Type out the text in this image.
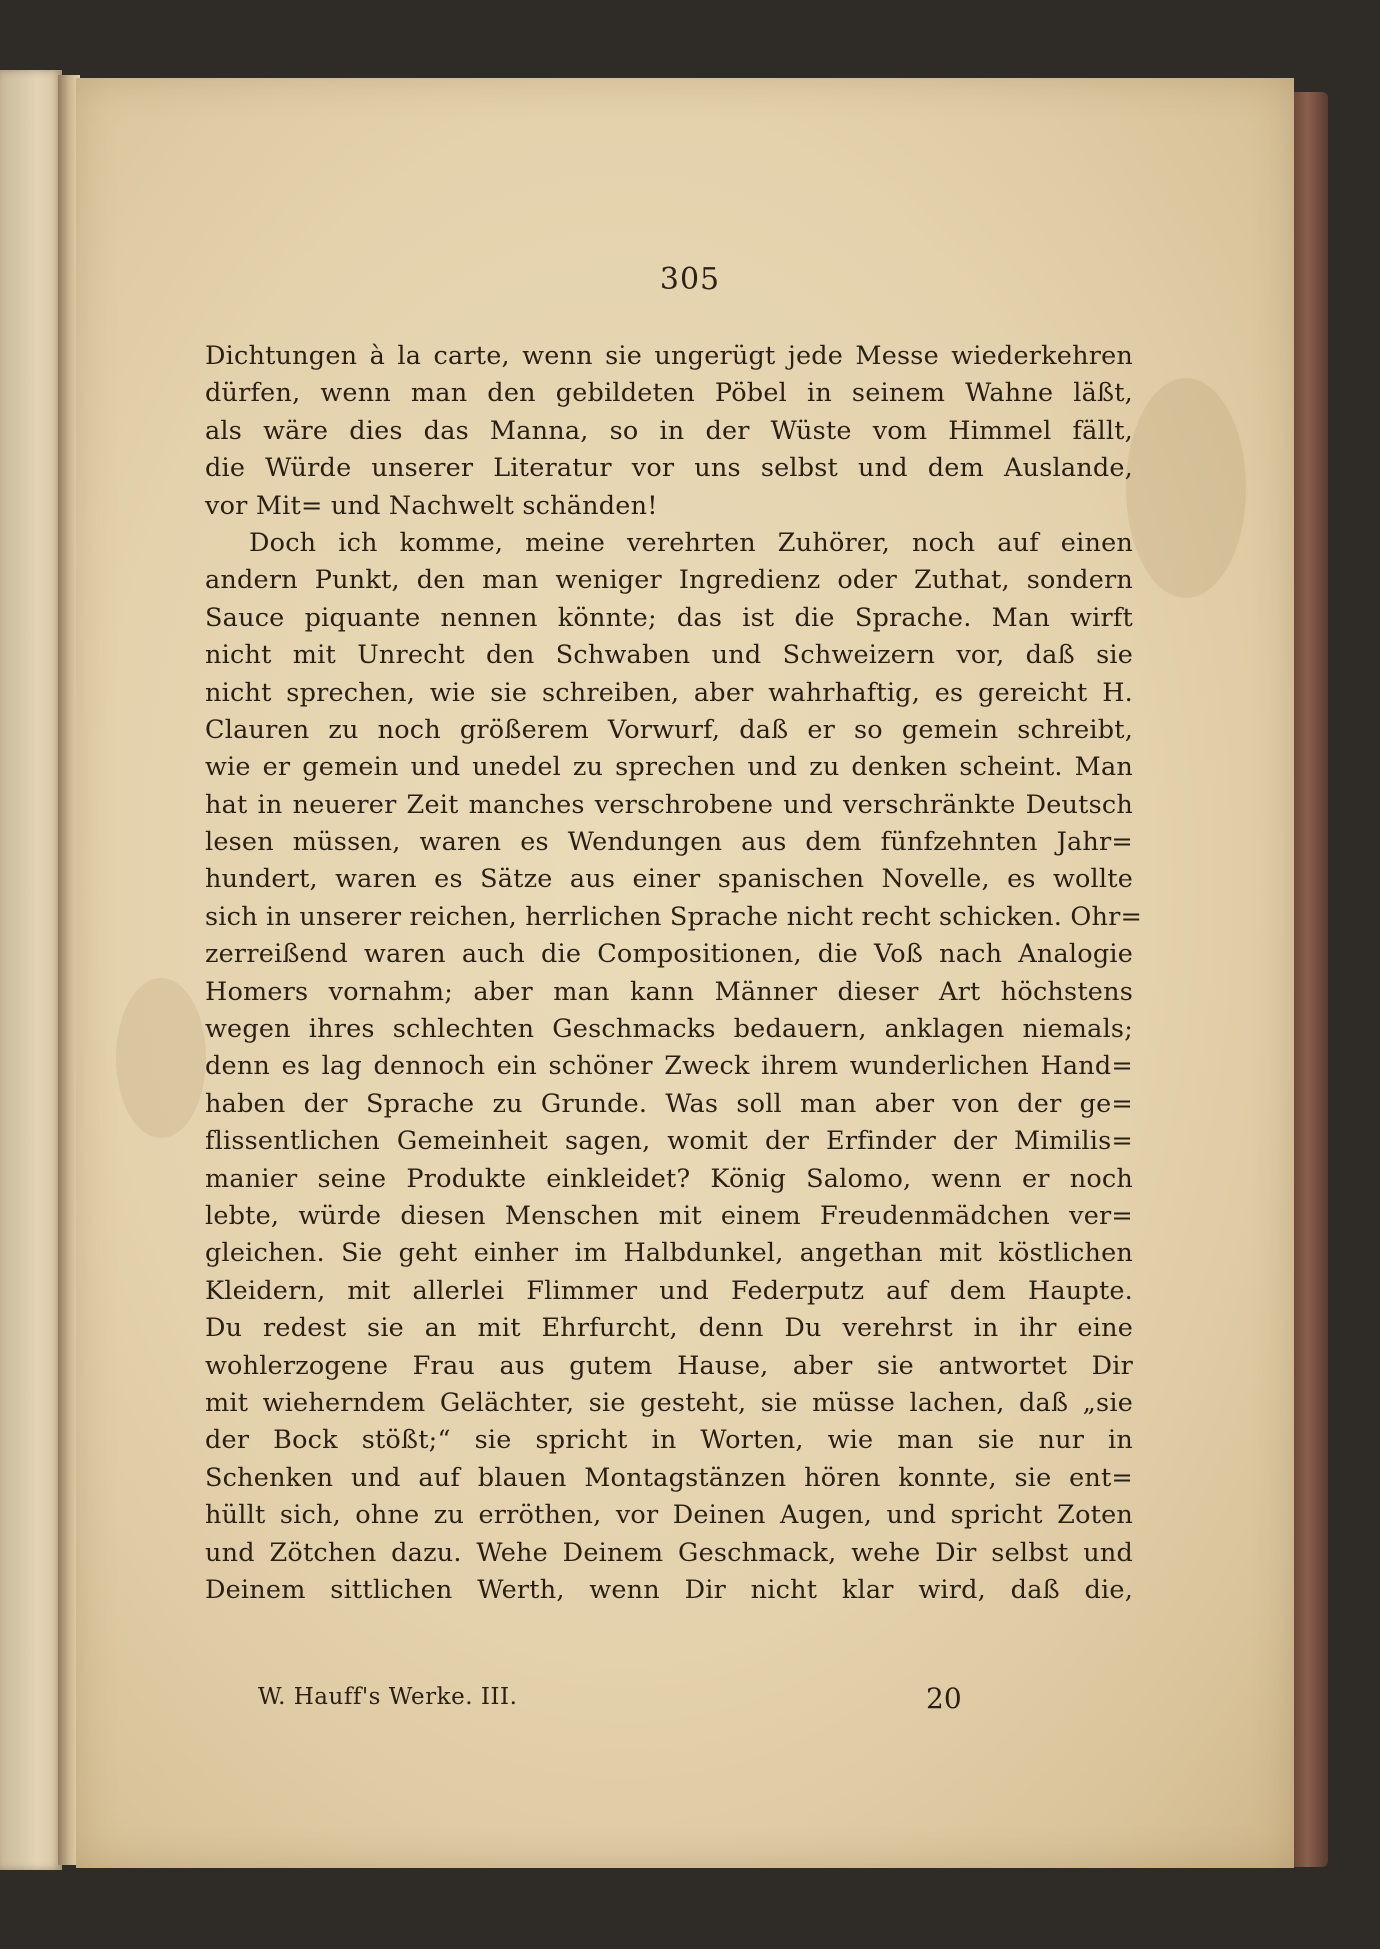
305
Dichtungen à la carte, wenn sie ungerügt jede Messe wiederkehren
dürfen, wenn man den gebildeten Pöbel in seinem Wahne läßt,
als wäre dies das Manna, so in der Wüste vom Himmel fällt,
die Würde unserer Literatur vor uns selbst und dem Auslande,
vor Mit= und Nachwelt schänden!
Doch ich komme, meine verehrten Zuhörer, noch auf einen
andern Punkt, den man weniger Ingredienz oder Zuthat, sondern
Sauce piquante nennen könnte; das ist die Sprache. Man wirft
nicht mit Unrecht den Schwaben und Schweizern vor, daß sie
nicht sprechen, wie sie schreiben, aber wahrhaftig, es gereicht H.
Clauren zu noch größerem Vorwurf, daß er so gemein schreibt,
wie er gemein und unedel zu sprechen und zu denken scheint. Man
hat in neuerer Zeit manches verschrobene und verschränkte Deutsch
lesen müssen, waren es Wendungen aus dem fünfzehnten Jahr=
hundert, waren es Sätze aus einer spanischen Novelle, es wollte
sich in unserer reichen, herrlichen Sprache nicht recht schicken. Ohr=
zerreißend waren auch die Compositionen, die Voß nach Analogie
Homers vornahm; aber man kann Männer dieser Art höchstens
wegen ihres schlechten Geschmacks bedauern, anklagen niemals;
denn es lag dennoch ein schöner Zweck ihrem wunderlichen Hand=
haben der Sprache zu Grunde. Was soll man aber von der ge=
flissentlichen Gemeinheit sagen, womit der Erfinder der Mimilis=
manier seine Produkte einkleidet? König Salomo, wenn er noch
lebte, würde diesen Menschen mit einem Freudenmädchen ver=
gleichen. Sie geht einher im Halbdunkel, angethan mit köstlichen
Kleidern, mit allerlei Flimmer und Federputz auf dem Haupte.
Du redest sie an mit Ehrfurcht, denn Du verehrst in ihr eine
wohlerzogene Frau aus gutem Hause, aber sie antwortet Dir
mit wieherndem Gelächter, sie gesteht, sie müsse lachen, daß „sie
der Bock stößt;“ sie spricht in Worten, wie man sie nur in
Schenken und auf blauen Montagstänzen hören konnte, sie ent=
hüllt sich, ohne zu erröthen, vor Deinen Augen, und spricht Zoten
und Zötchen dazu. Wehe Deinem Geschmack, wehe Dir selbst und
Deinem sittlichen Werth, wenn Dir nicht klar wird, daß die,
W. Hauff's Werke. III.	20
